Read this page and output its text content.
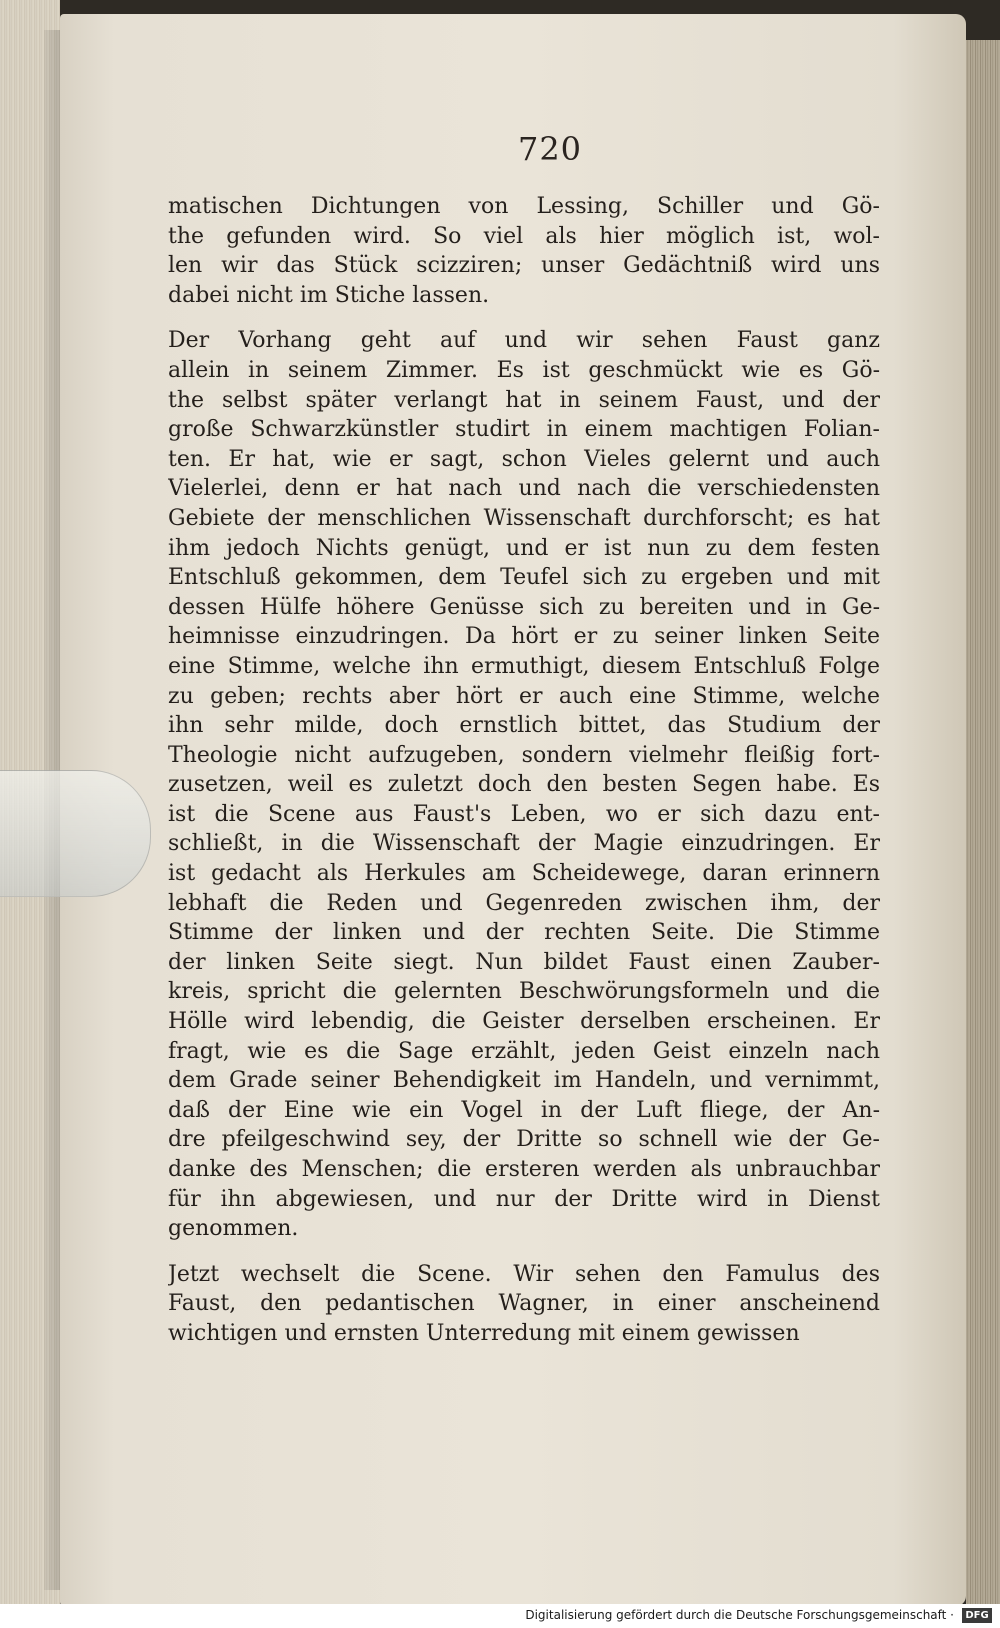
720
matischen Dichtungen von Lessing, Schiller und Gö-
the gefunden wird. So viel als hier möglich ist, wol-
len wir das Stück scizziren; unser Gedächtniß wird uns
dabei nicht im Stiche lassen.
Der Vorhang geht auf und wir sehen Faust ganz
allein in seinem Zimmer. Es ist geschmückt wie es Gö-
the selbst später verlangt hat in seinem Faust, und der
große Schwarzkünstler studirt in einem machtigen Folian-
ten. Er hat, wie er sagt, schon Vieles gelernt und auch
Vielerlei, denn er hat nach und nach die verschiedensten
Gebiete der menschlichen Wissenschaft durchforscht; es hat
ihm jedoch Nichts genügt, und er ist nun zu dem festen
Entschluß gekommen, dem Teufel sich zu ergeben und mit
dessen Hülfe höhere Genüsse sich zu bereiten und in Ge-
heimnisse einzudringen. Da hört er zu seiner linken Seite
eine Stimme, welche ihn ermuthigt, diesem Entschluß Folge
zu geben; rechts aber hört er auch eine Stimme, welche
ihn sehr milde, doch ernstlich bittet, das Studium der
Theologie nicht aufzugeben, sondern vielmehr fleißig fort-
zusetzen, weil es zuletzt doch den besten Segen habe. Es
ist die Scene aus Faust's Leben, wo er sich dazu ent-
schließt, in die Wissenschaft der Magie einzudringen. Er
ist gedacht als Herkules am Scheidewege, daran erinnern
lebhaft die Reden und Gegenreden zwischen ihm, der
Stimme der linken und der rechten Seite. Die Stimme
der linken Seite siegt. Nun bildet Faust einen Zauber-
kreis, spricht die gelernten Beschwörungsformeln und die
Hölle wird lebendig, die Geister derselben erscheinen. Er
fragt, wie es die Sage erzählt, jeden Geist einzeln nach
dem Grade seiner Behendigkeit im Handeln, und vernimmt,
daß der Eine wie ein Vogel in der Luft fliege, der An-
dre pfeilgeschwind sey, der Dritte so schnell wie der Ge-
danke des Menschen; die ersteren werden als unbrauchbar
für ihn abgewiesen, und nur der Dritte wird in Dienst
genommen.
Jetzt wechselt die Scene. Wir sehen den Famulus des
Faust, den pedantischen Wagner, in einer anscheinend
wichtigen und ernsten Unterredung mit einem gewissen
Digitalisierung gefördert durch die Deutsche Forschungsgemeinschaft ·	DFG
